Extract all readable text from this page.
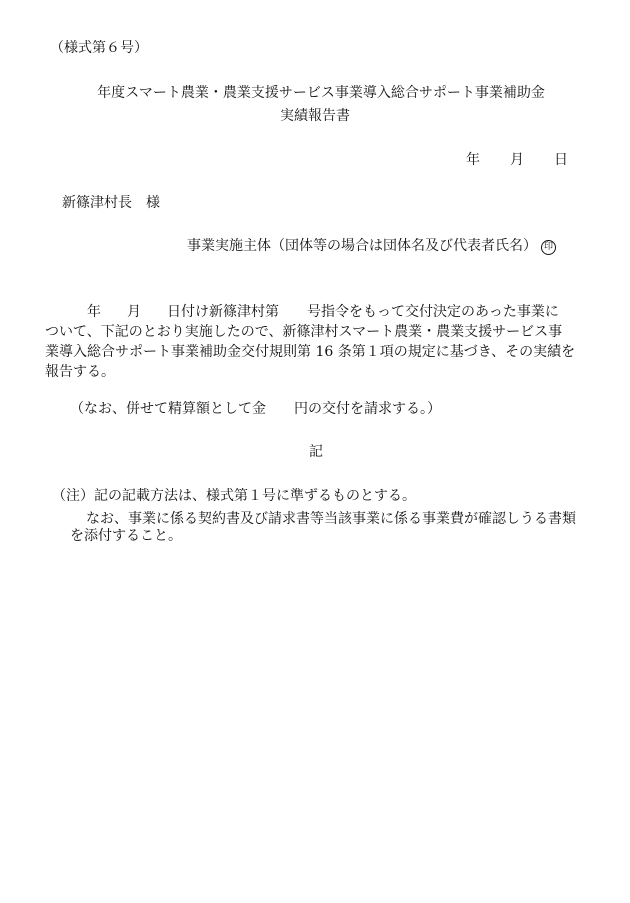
（様式第６号）
年度スマート農業・農業支援サービス事業導入総合サポート事業補助金
実績報告書
年 月 日
新篠津村長 様
事業実施主体（団体等の場合は団体名及び代表者氏名） 印
年 月 日付け新篠津村第 号指令をもって交付決定のあった事業に
ついて、下記のとおり実施したので、新篠津村スマート農業・農業支援サービス事
業導入総合サポート事業補助金交付規則第 16 条第１項の規定に基づき、その実績を
報告する。
（なお、併せて精算額として金 円の交付を請求する。）
記
（注）記の記載方法は、様式第１号に準ずるものとする。
なお、事業に係る契約書及び請求書等当該事業に係る事業費が確認しうる書類
を添付すること。
